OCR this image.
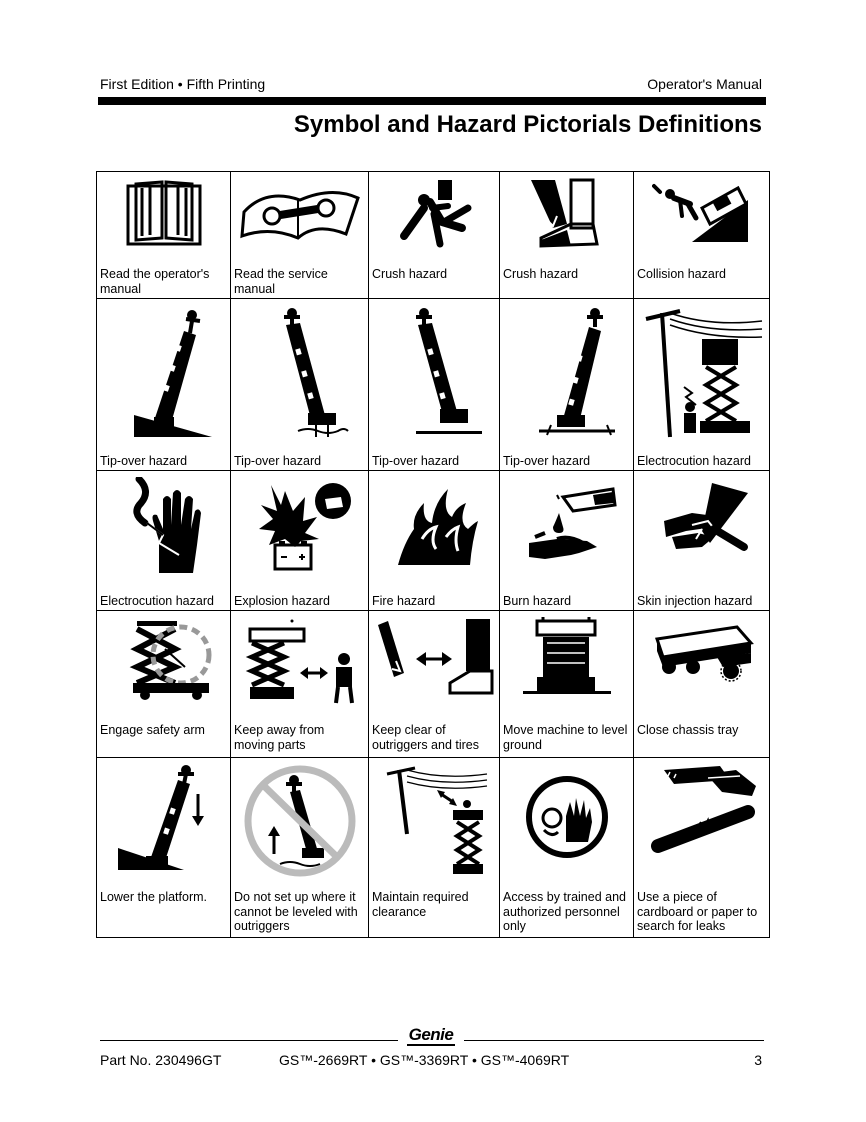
First Edition • Fifth Printing	Operator's Manual
Symbol and Hazard Pictorials Definitions
Read the operator's manual	Read the service manual	Crush hazard	Crush hazard	Collision hazard

Tip-over hazard	Tip-over hazard	Tip-over hazard	Tip-over hazard	Electrocution hazard

Electrocution hazard	Explosion hazard	Fire hazard	Burn hazard	Skin injection hazard

Engage safety arm	Keep away from moving parts	Keep clear of outriggers and tires	Move machine to level ground	Close chassis tray

Lower the platform.	Do not set up where it cannot be leveled with outriggers	Maintain required clearance	Access by trained and authorized personnel only	Use a piece of cardboard or paper to search for leaks
Genie
Part No. 230496GT	GS™-2669RT • GS™-3369RT • GS™-4069RT	3
